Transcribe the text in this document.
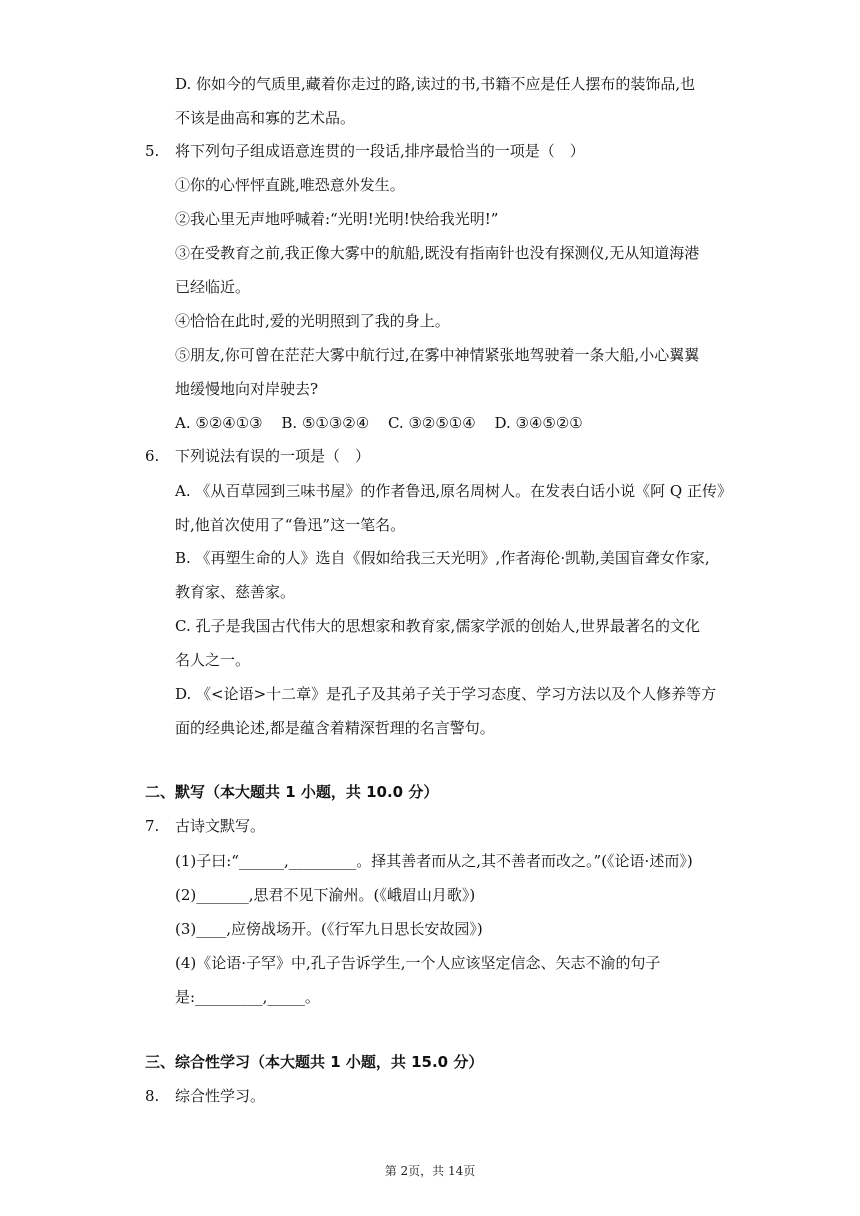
D. 你如今的气质里,藏着你走过的路,读过的书,书籍不应是任人摆布的装饰品,也
不该是曲高和寡的艺术品。
5. 将下列句子组成语意连贯的一段话,排序最恰当的一项是（　）
①你的心怦怦直跳,唯恐意外发生。
②我心里无声地呼喊着:“光明!光明!快给我光明!”
③在受教育之前,我正像大雾中的航船,既没有指南针也没有探测仪,无从知道海港
已经临近。
④恰恰在此时,爱的光明照到了我的身上。
⑤朋友,你可曾在茫茫大雾中航行过,在雾中神情紧张地驾驶着一条大船,小心翼翼
地缓慢地向对岸驶去?
A. ⑤②④①③ B. ⑤①③②④ C. ③②⑤①④ D. ③④⑤②①
6. 下列说法有误的一项是（　）
A. 《从百草园到三味书屋》的作者鲁迅,原名周树人。在发表白话小说《阿 Q 正传》
时,他首次使用了“鲁迅”这一笔名。
B. 《再塑生命的人》选自《假如给我三天光明》,作者海伦·凯勒,美国盲聋女作家,
教育家、慈善家。
C. 孔子是我国古代伟大的思想家和教育家,儒家学派的创始人,世界最著名的文化
名人之一。
D. 《<论语>十二章》是孔子及其弟子关于学习态度、学习方法以及个人修养等方
面的经典论述,都是蕴含着精深哲理的名言警句。
二、默写（本大题共 1 小题，共 10.0 分）
7. 古诗文默写。
(1)子曰:“______,_________。择其善者而从之,其不善者而改之。”(《论语·述而》)
(2)_______,思君不见下渝州。(《峨眉山月歌》)
(3)____,应傍战场开。(《行军九日思长安故园》)
(4)《论语·子罕》中,孔子告诉学生,一个人应该坚定信念、矢志不渝的句子
是:_________,_____。
三、综合性学习（本大题共 1 小题，共 15.0 分）
8. 综合性学习。
第 2页，共 14页
